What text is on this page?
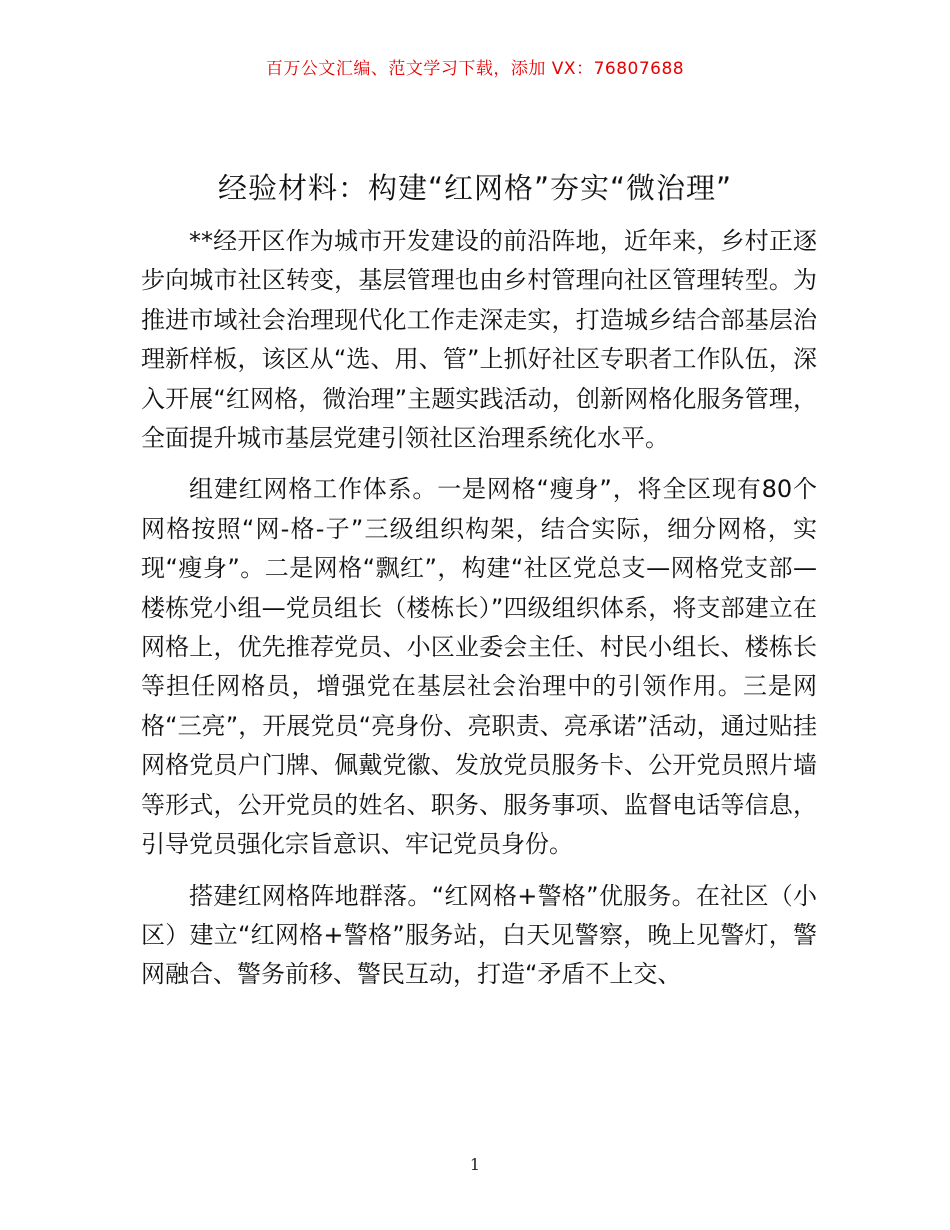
百万公文汇编、范文学习下载，添加 VX：76807688
经验材料：构建“红网格”夯实“微治理”

**经开区作为城市开发建设的前沿阵地，近年来，乡村正逐步向城市社区转变，基层管理也由乡村管理向社区管理转型。为推进市域社会治理现代化工作走深走实，打造城乡结合部基层治理新样板，该区从“选、用、管”上抓好社区专职者工作队伍，深入开展“红网格，微治理”主题实践活动，创新网格化服务管理，全面提升城市基层党建引领社区治理系统化水平。

组建红网格工作体系。一是网格“瘦身”，将全区现有80个网格按照“网-格-子”三级组织构架，结合实际，细分网格，实现“瘦身”。二是网格“飘红”，构建“社区党总支—网格党支部—楼栋党小组—党员组长（楼栋长）”四级组织体系，将支部建立在网格上，优先推荐党员、小区业委会主任、村民小组长、楼栋长等担任网格员，增强党在基层社会治理中的引领作用。三是网格“三亮”，开展党员“亮身份、亮职责、亮承诺”活动，通过贴挂网格党员户门牌、佩戴党徽、发放党员服务卡、公开党员照片墙等形式，公开党员的姓名、职务、服务事项、监督电话等信息，引导党员强化宗旨意识、牢记党员身份。

搭建红网格阵地群落。“红网格+警格”优服务。在社区（小区）建立“红网格+警格”服务站，白天见警察，晚上见警灯，警网融合、警务前移、警民互动，打造“矛盾不上交、

1
